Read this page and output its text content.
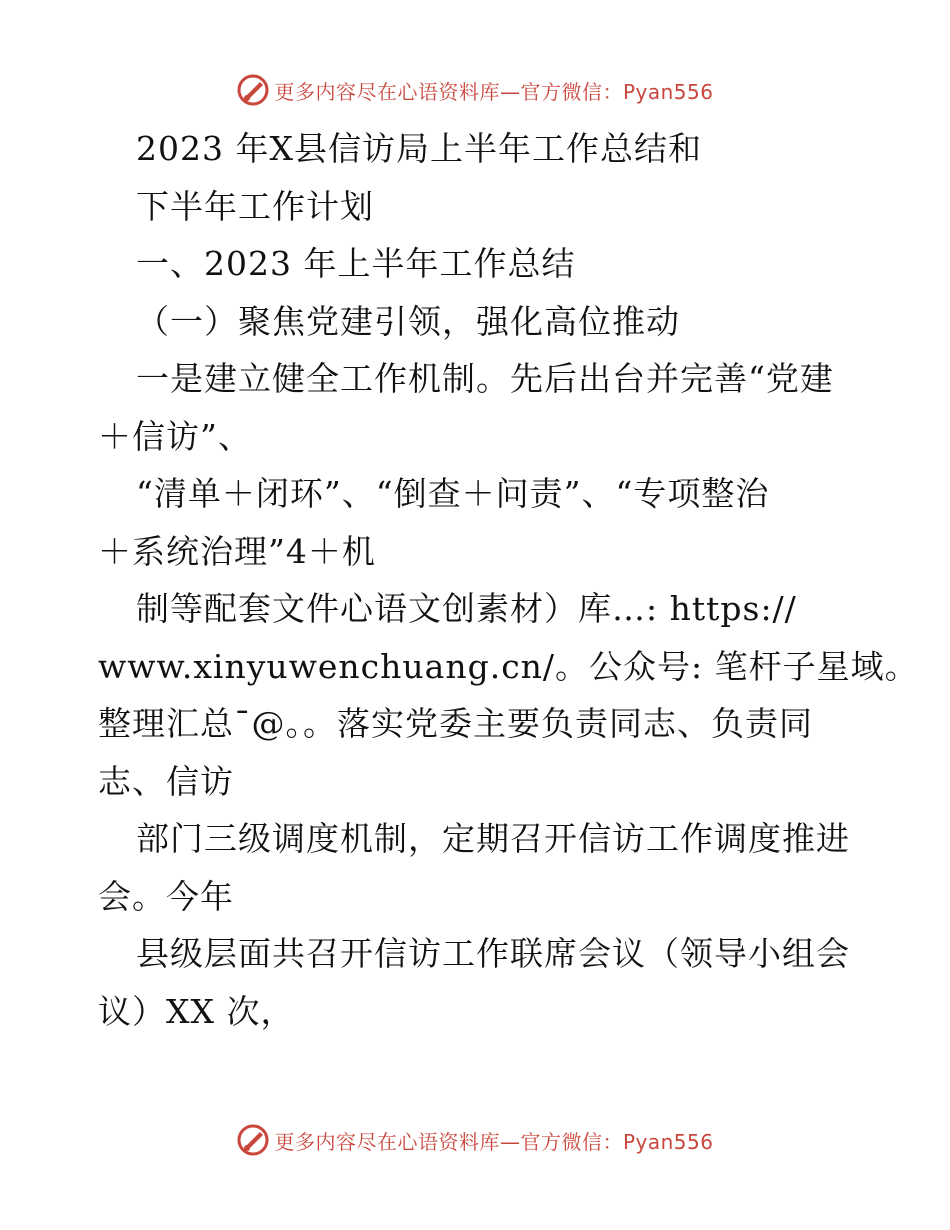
更多内容尽在心语资料库—官方微信：Pyan556
2023 年X县信访局上半年工作总结和
下半年工作计划
一、2023 年上半年工作总结
（一）聚焦党建引领，强化高位推动
一是建立健全工作机制。先后出台并完善“党建
＋信访”、
“清单＋闭环”、“倒查＋问责”、“专项整治
＋系统治理”4＋机
制等配套文件心语文创素材）库…: https://
www.xinyuwenchuang.cn/。公众号: 笔杆子星域。
整理汇总¯@。。落实党委主要负责同志、负责同
志、信访
部门三级调度机制，定期召开信访工作调度推进
会。今年
县级层面共召开信访工作联席会议（领导小组会
议）XX 次，
更多内容尽在心语资料库—官方微信：Pyan556
